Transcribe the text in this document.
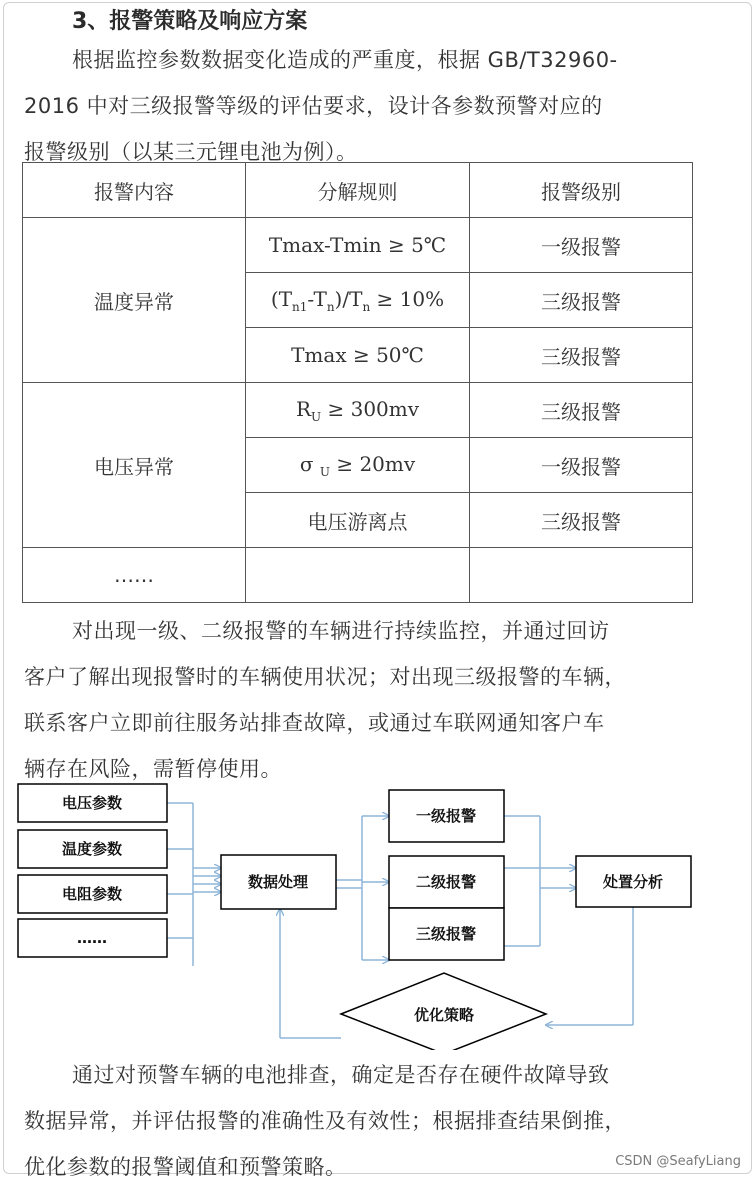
3、报警策略及响应方案
根据监控参数数据变化造成的严重度，根据 GB/T32960-
2016 中对三级报警等级的评估要求，设计各参数预警对应的
报警级别（以某三元锂电池为例）。
报警内容	分解规则	报警级别
温度异常	Tmax-Tmin ≥ 5℃	一级报警
	$(T_{n1}-T_n)/T_n \ge 10\%$	三级报警
	Tmax ≥ 50℃	三级报警
电压异常	$R_U \ge 300mv$	三级报警
	σ $_U$ ≥ 20mv	一级报警
	电压游离点	三级报警
……		
对出现一级、二级报警的车辆进行持续监控，并通过回访
客户了解出现报警时的车辆使用状况；对出现三级报警的车辆，
联系客户立即前往服务站排查故障，或通过车联网通知客户车
辆存在风险，需暂停使用。
电压参数
温度参数
电阻参数
……
数据处理
一级报警
二级报警
三级报警
处置分析
优化策略
通过对预警车辆的电池排查，确定是否存在硬件故障导致
数据异常，并评估报警的准确性及有效性；根据排查结果倒推，
优化参数的报警阈值和预警策略。	CSDN @SeafyLiang
